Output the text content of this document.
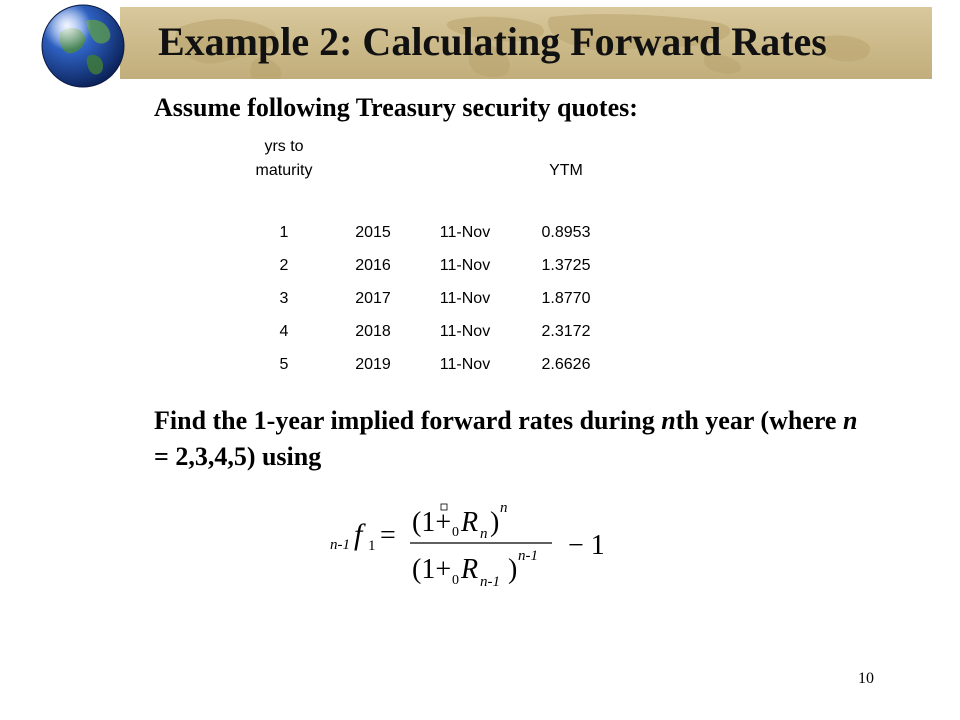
Example 2: Calculating Forward Rates
Assume following Treasury security quotes:
yrs to
maturity			YTM

1	2015	11-Nov	0.8953
2	2016	11-Nov	1.3725
3	2017	11-Nov	1.8770
4	2018	11-Nov	2.3172
5	2019	11-Nov	2.6626
Find the 1-year implied forward rates during nth year (where n = 2,3,4,5) using
n-1 f 1 = (1+ 0 R n ) n
(1+ 0 R n-1 ) n-1 − 1
10
